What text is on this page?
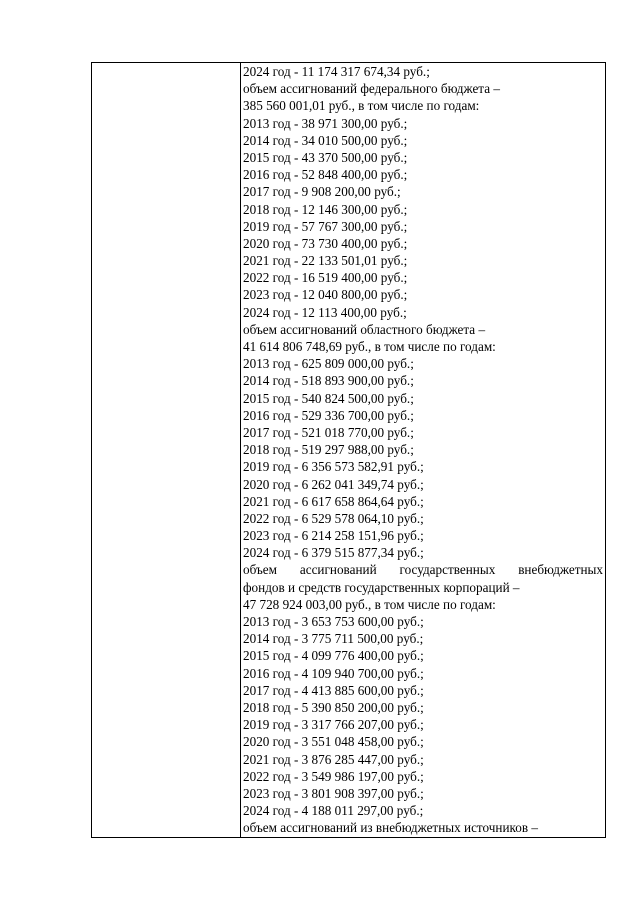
2024 год - 11 174 317 674,34 руб.;
объем ассигнований федерального бюджета –
385 560 001,01 руб., в том числе по годам:
2013 год - 38 971 300,00 руб.;
2014 год - 34 010 500,00 руб.;
2015 год - 43 370 500,00 руб.;
2016 год - 52 848 400,00 руб.;
2017 год - 9 908 200,00 руб.;
2018 год - 12 146 300,00 руб.;
2019 год - 57 767 300,00 руб.;
2020 год - 73 730 400,00 руб.;
2021 год - 22 133 501,01 руб.;
2022 год - 16 519 400,00 руб.;
2023 год - 12 040 800,00 руб.;
2024 год - 12 113 400,00 руб.;
объем ассигнований областного бюджета –
41 614 806 748,69 руб., в том числе по годам:
2013 год - 625 809 000,00 руб.;
2014 год - 518 893 900,00 руб.;
2015 год - 540 824 500,00 руб.;
2016 год - 529 336 700,00 руб.;
2017 год - 521 018 770,00 руб.;
2018 год - 519 297 988,00 руб.;
2019 год - 6 356 573 582,91 руб.;
2020 год - 6 262 041 349,74 руб.;
2021 год - 6 617 658 864,64 руб.;
2022 год - 6 529 578 064,10 руб.;
2023 год - 6 214 258 151,96 руб.;
2024 год - 6 379 515 877,34 руб.;
объем ассигнований государственных внебюджетных
фондов и средств государственных корпораций –
47 728 924 003,00 руб., в том числе по годам:
2013 год - 3 653 753 600,00 руб.;
2014 год - 3 775 711 500,00 руб.;
2015 год - 4 099 776 400,00 руб.;
2016 год - 4 109 940 700,00 руб.;
2017 год - 4 413 885 600,00 руб.;
2018 год - 5 390 850 200,00 руб.;
2019 год - 3 317 766 207,00 руб.;
2020 год - 3 551 048 458,00 руб.;
2021 год - 3 876 285 447,00 руб.;
2022 год - 3 549 986 197,00 руб.;
2023 год - 3 801 908 397,00 руб.;
2024 год - 4 188 011 297,00 руб.;
объем ассигнований из внебюджетных источников –
